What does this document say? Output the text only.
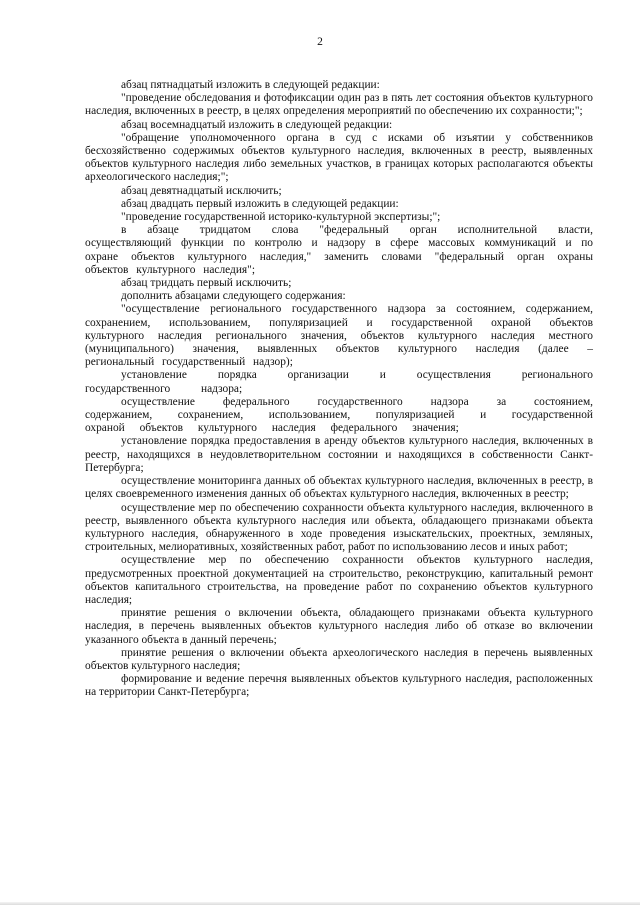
2

абзац пятнадцатый изложить в следующей редакции:

"проведение обследования и фотофиксации один раз в пять лет состояния объектов культурного наследия, включенных в реестр, в целях определения мероприятий по обеспечению их сохранности;";

абзац восемнадцатый изложить в следующей редакции:

"обращение уполномоченного органа в суд с исками об изъятии у собственников бесхозяйственно содержимых объектов культурного наследия, включенных в реестр, выявленных объектов культурного наследия либо земельных участков, в границах которых располагаются объекты археологического наследия;";

абзац девятнадцатый исключить;

абзац двадцать первый изложить в следующей редакции:

"проведение государственной историко-культурной экспертизы;";

в абзаце тридцатом слова "федеральный орган исполнительной власти, осуществляющий функции по контролю и надзору в сфере массовых коммуникаций и по охране объектов культурного наследия," заменить словами "федеральный орган охраны объектов культурного наследия";

абзац тридцать первый исключить;

дополнить абзацами следующего содержания:

"осуществление регионального государственного надзора за состоянием, содержанием, сохранением, использованием, популяризацией и государственной охраной объектов культурного наследия регионального значения, объектов культурного наследия местного (муниципального) значения, выявленных объектов культурного наследия (далее – региональный государственный надзор);

установление порядка организации и осуществления регионального государственного надзора;

осуществление федерального государственного надзора за состоянием, содержанием, сохранением, использованием, популяризацией и государственной охраной объектов культурного наследия федерального значения;

установление порядка предоставления в аренду объектов культурного наследия, включенных в реестр, находящихся в неудовлетворительном состоянии и находящихся в собственности Санкт-Петербурга;

осуществление мониторинга данных об объектах культурного наследия, включенных в реестр, в целях своевременного изменения данных об объектах культурного наследия, включенных в реестр;

осуществление мер по обеспечению сохранности объекта культурного наследия, включенного в реестр, выявленного объекта культурного наследия или объекта, обладающего признаками объекта культурного наследия, обнаруженного в ходе проведения изыскательских, проектных, земляных, строительных, мелиоративных, хозяйственных работ, работ по использованию лесов и иных работ;

осуществление мер по обеспечению сохранности объектов культурного наследия, предусмотренных проектной документацией на строительство, реконструкцию, капитальный ремонт объектов капитального строительства, на проведение работ по сохранению объектов культурного наследия;

принятие решения о включении объекта, обладающего признаками объекта культурного наследия, в перечень выявленных объектов культурного наследия либо об отказе во включении указанного объекта в данный перечень;

принятие решения о включении объекта археологического наследия в перечень выявленных объектов культурного наследия;

формирование и ведение перечня выявленных объектов культурного наследия, расположенных на территории Санкт-Петербурга;
